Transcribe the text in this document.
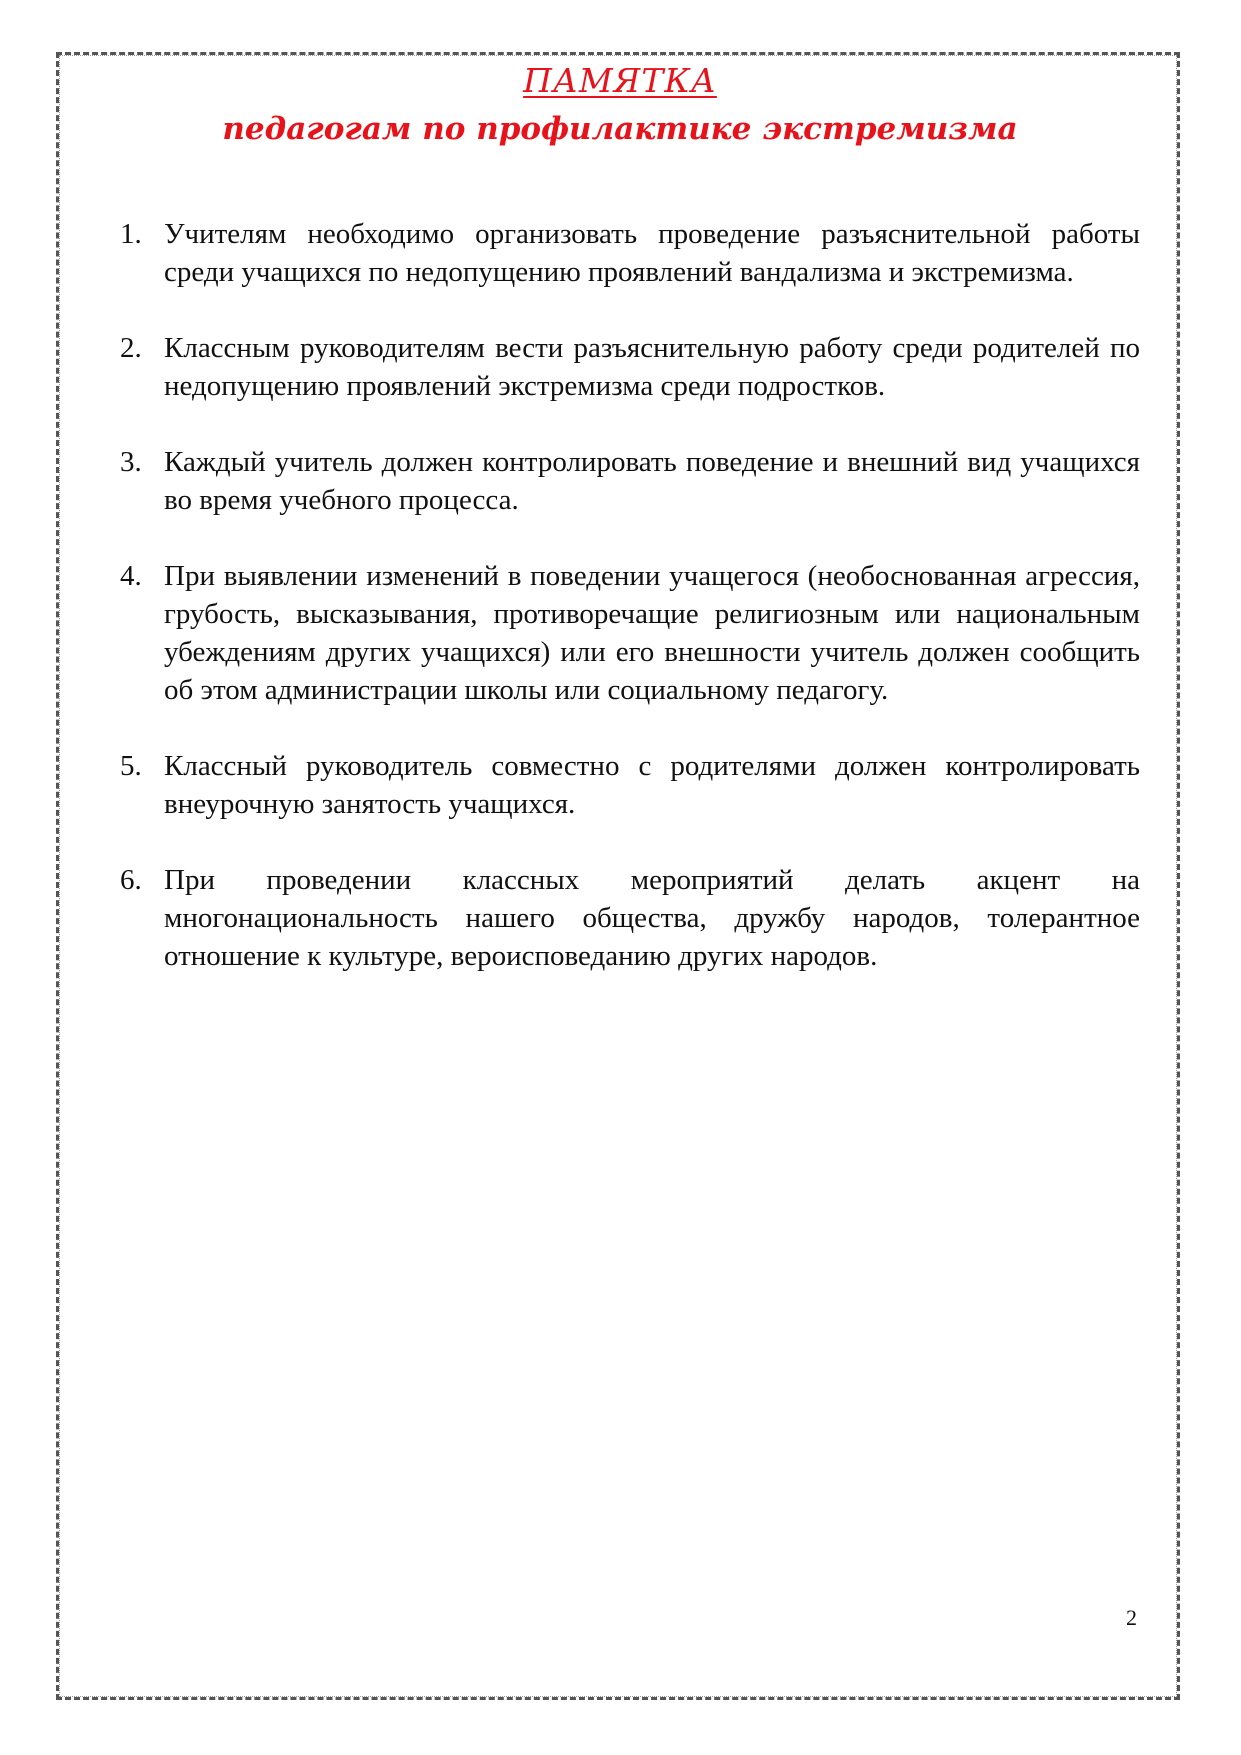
ПАМЯТКА
педагогам по профилактике экстремизма
1. Учителям необходимо организовать проведение разъяснительной работы среди учащихся по недопущению проявлений вандализма и экстремизма.
2. Классным руководителям вести разъяснительную работу среди родителей по недопущению проявлений экстремизма среди подростков.
3. Каждый учитель должен контролировать поведение и внешний вид учащихся во время учебного процесса.
4. При выявлении изменений в поведении учащегося (необоснованная агрессия, грубость, высказывания, противоречащие религиозным или национальным убеждениям других учащихся) или его внешности учитель должен сообщить об этом администрации школы или социальному педагогу.
5. Классный руководитель совместно с родителями должен контролировать внеурочную занятость учащихся.
6. При проведении классных мероприятий делать акцент на многонациональность нашего общества, дружбу народов, толерантное отношение к культуре, вероисповеданию других народов.
2
